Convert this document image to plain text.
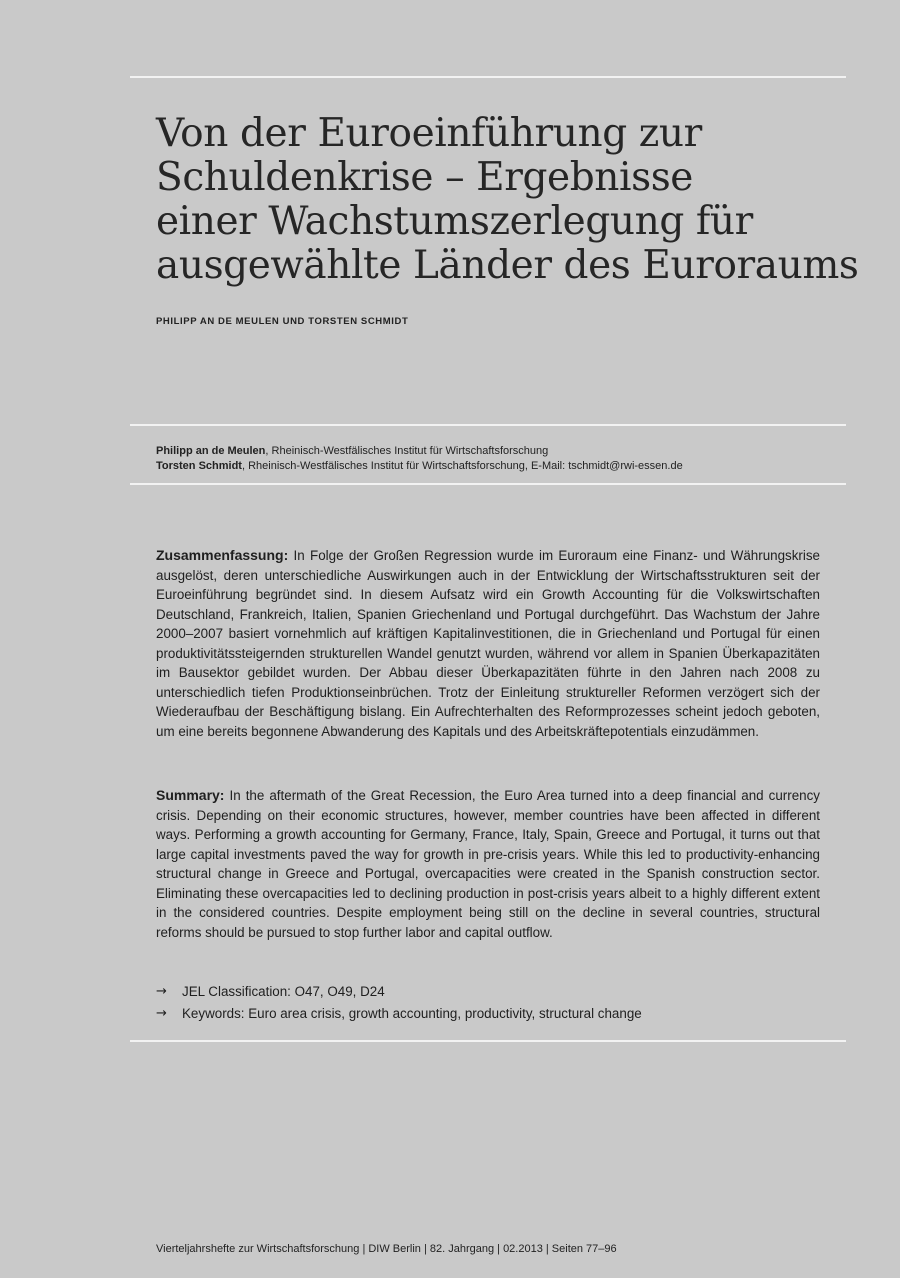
Von der Euroeinführung zur
Schuldenkrise – Ergebnisse
einer Wachstumszerlegung für
ausgewählte Länder des Euroraums
PHILIPP AN DE MEULEN UND TORSTEN SCHMIDT
Philipp an de Meulen, Rheinisch-Westfälisches Institut für Wirtschaftsforschung
Torsten Schmidt, Rheinisch-Westfälisches Institut für Wirtschaftsforschung, E-Mail: tschmidt@rwi-essen.de

Zusammenfassung: In Folge der Großen Regression wurde im Euroraum eine Finanz- und Währungskrise ausgelöst, deren unterschiedliche Auswirkungen auch in der Entwicklung der Wirtschaftsstrukturen seit der Euroeinführung begründet sind. In diesem Aufsatz wird ein Growth Accounting für die Volkswirtschaften Deutschland, Frankreich, Italien, Spanien Griechenland und Portugal durchgeführt. Das Wachstum der Jahre 2000–2007 basiert vornehmlich auf kräftigen Kapitalinvestitionen, die in Griechenland und Portugal für einen produktivitätssteigernden strukturellen Wandel genutzt wurden, während vor allem in Spanien Überkapazitäten im Bausektor gebildet wurden. Der Abbau dieser Überkapazitäten führte in den Jahren nach 2008 zu unterschiedlich tiefen Produktionseinbrüchen. Trotz der Einleitung struktureller Reformen verzögert sich der Wiederaufbau der Beschäftigung bislang. Ein Aufrechterhalten des Reformprozesses scheint jedoch geboten, um eine bereits begonnene Abwanderung des Kapitals und des Arbeitskräftepotentials einzudämmen.

Summary: In the aftermath of the Great Recession, the Euro Area turned into a deep financial and currency crisis. Depending on their economic structures, however, member countries have been affected in different ways. Performing a growth accounting for Germany, France, Italy, Spain, Greece and Portugal, it turns out that large capital investments paved the way for growth in pre-crisis years. While this led to productivity-enhancing structural change in Greece and Portugal, overcapacities were created in the Spanish construction sector. Eliminating these overcapacities led to declining production in post-crisis years albeit to a highly different extent in the considered countries. Despite employment being still on the decline in several countries, structural reforms should be pursued to stop further labor and capital outflow.

→	JEL Classification: O47, O49, D24
→	Keywords: Euro area crisis, growth accounting, productivity, structural change
Vierteljahrshefte zur Wirtschaftsforschung | DIW Berlin | 82. Jahrgang | 02.2013 | Seiten 77–96
